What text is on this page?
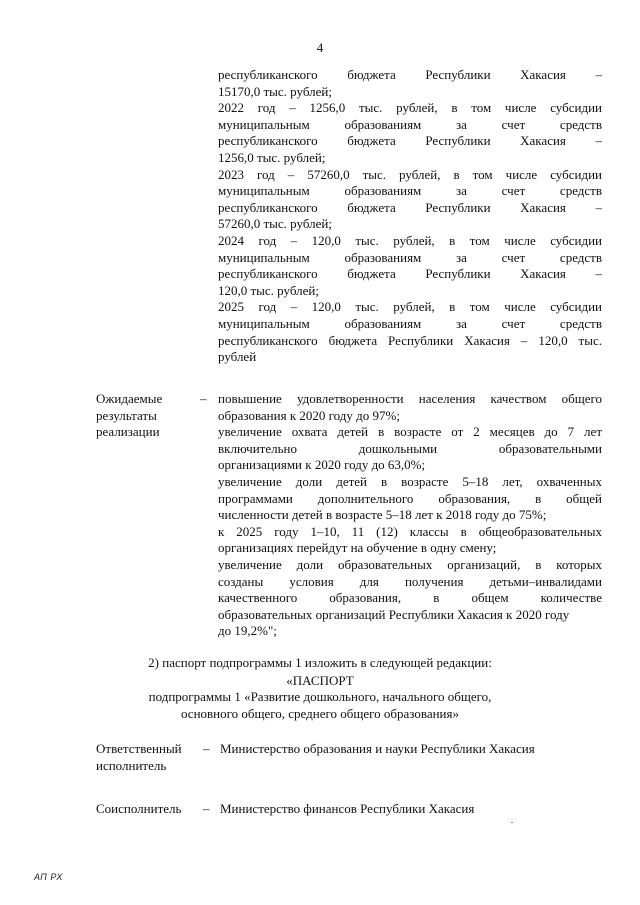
4
республиканского бюджета Республики Хакасия –
15170,0 тыс. рублей;
2022 год – 1256,0 тыс. рублей, в том числе субсидии
муниципальным образованиям за счет средств
республиканского бюджета Республики Хакасия –
1256,0 тыс. рублей;
2023 год – 57260,0 тыс. рублей, в том числе субсидии
муниципальным образованиям за счет средств
республиканского бюджета Республики Хакасия –
57260,0 тыс. рублей;
2024 год – 120,0 тыс. рублей, в том числе субсидии
муниципальным образованиям за счет средств
республиканского бюджета Республики Хакасия –
120,0 тыс. рублей;
2025 год – 120,0 тыс. рублей, в том числе субсидии
муниципальным образованиям за счет средств
республиканского бюджета Республики Хакасия – 120,0 тыс.
рублей
Ожидаемые
результаты
реализации
– повышение удовлетворенности населения качеством общего
образования к 2020 году до 97%;
увеличение охвата детей в возрасте от 2 месяцев до 7 лет
включительно дошкольными образовательными
организациями к 2020 году до 63,0%;
увеличение доли детей в возрасте 5–18 лет, охваченных
программами дополнительного образования, в общей
численности детей в возрасте 5–18 лет к 2018 году до 75%;
к 2025 году 1–10, 11 (12) классы в общеобразовательных
организациях перейдут на обучение в одну смену;
увеличение доли образовательных организаций, в которых
созданы условия для получения детьми–инвалидами
качественного образования, в общем количестве
образовательных организаций Республики Хакасия к 2020 году
до 19,2%";
2) паспорт подпрограммы 1 изложить в следующей редакции:
«ПАСПОРТ
подпрограммы 1 «Развитие дошкольного, начального общего,
основного общего, среднего общего образования»
Ответственный
исполнитель
– Министерство образования и науки Республики Хакасия
Соисполнитель	– Министерство финансов Республики Хакасия
АП РХ
